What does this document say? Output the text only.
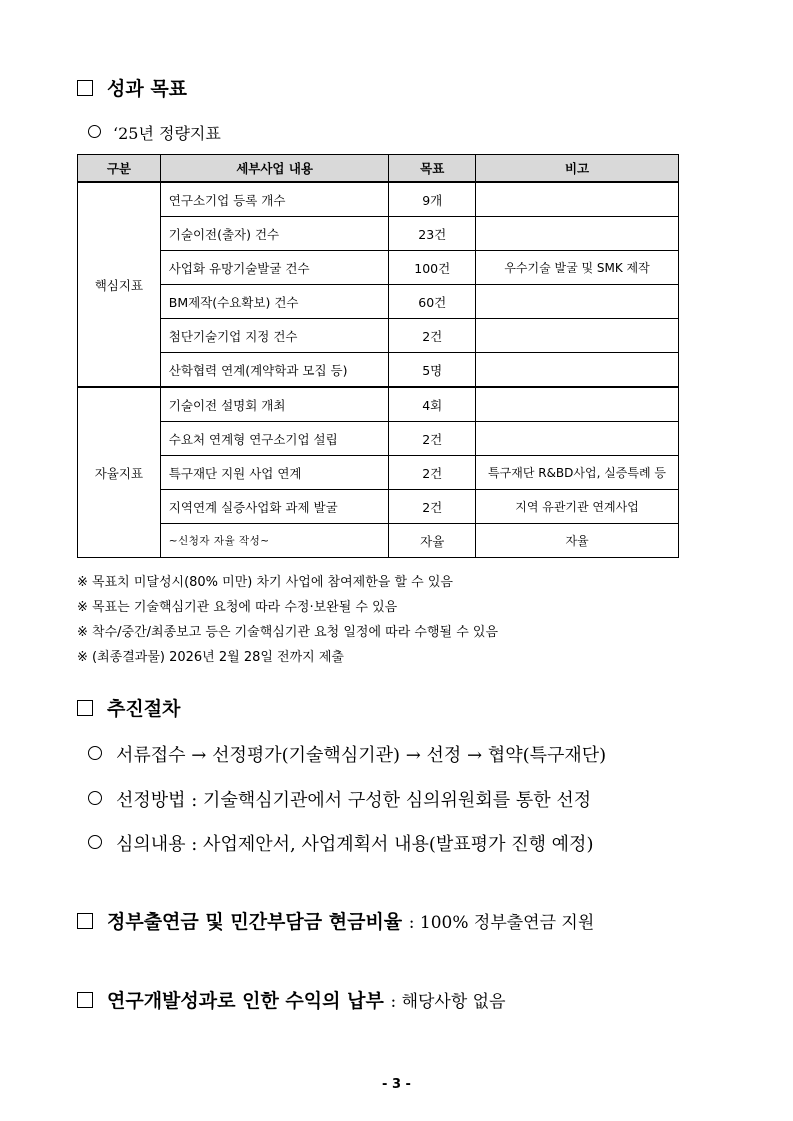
성과 목표
‘25년 정량지표
구분	세부사업 내용	목표	비고
핵심지표	연구소기업 등록 개수	9개	
	기술이전(출자) 건수	23건	
	사업화 유망기술발굴 건수	100건	우수기술 발굴 및 SMK 제작
	BM제작(수요확보) 건수	60건	
	첨단기술기업 지정 건수	2건	
	산학협력 연계(계약학과 모집 등)	5명	
자율지표	기술이전 설명회 개최	4회	
	수요처 연계형 연구소기업 설립	2건	
	특구재단 지원 사업 연계	2건	특구재단 R&BD사업, 실증특례 등
	지역연계 실증사업화 과제 발굴	2건	지역 유관기관 연계사업
	~신청자 자율 작성~	자율	자율
※ 목표치 미달성시(80% 미만) 차기 사업에 참여제한을 할 수 있음
※ 목표는 기술핵심기관 요청에 따라 수정·보완될 수 있음
※ 착수/중간/최종보고 등은 기술핵심기관 요청 일정에 따라 수행될 수 있음
※ (최종결과물) 2026년 2월 28일 전까지 제출
추진절차
서류접수 → 선정평가(기술핵심기관) → 선정 → 협약(특구재단)
선정방법 : 기술핵심기관에서 구성한 심의위원회를 통한 선정
심의내용 : 사업제안서, 사업계획서 내용(발표평가 진행 예정)
정부출연금 및 민간부담금 현금비율 : 100% 정부출연금 지원
연구개발성과로 인한 수익의 납부 : 해당사항 없음
- 3 -
